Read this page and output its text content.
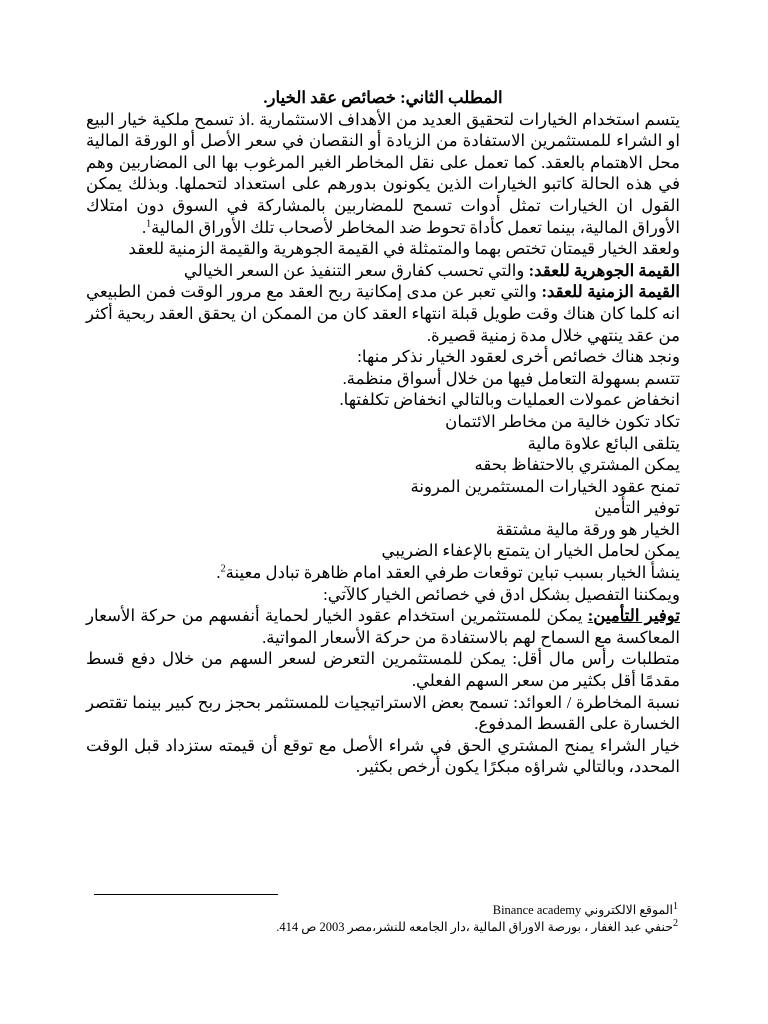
المطلب الثاني: خصائص عقد الخيار.
يتسم استخدام الخيارات لتحقيق العديد من الأهداف الاستثمارية .اذ تسمح ملكية خيار البيع او الشراء للمستثمرين الاستفادة من الزيادة أو النقصان في سعر الأصل أو الورقة المالية محل الاهتمام بالعقد. كما تعمل على نقل المخاطر الغير المرغوب بها الى المضاربين وهم في هذه الحالة كاتبو الخيارات الذين يكونون بدورهم على استعداد لتحملها. وبذلك يمكن القول ان الخيارات تمثل أدوات تسمح للمضاربين بالمشاركة في السوق دون امتلاك الأوراق المالية، بينما تعمل كأداة تحوط ضد المخاطر لأصحاب تلك الأوراق المالية$^1$.
ولعقد الخيار قيمتان تختص بهما والمتمثلة في القيمة الجوهرية والقيمة الزمنية للعقد
القيمة الجوهرية للعقد: والتي تحسب كفارق سعر التنفيذ عن السعر الخيالي
القيمة الزمنية للعقد: والتي تعبر عن مدى إمكانية ربح العقد مع مرور الوقت فمن الطبيعي انه كلما كان هناك وقت طويل قبلة انتهاء العقد كان من الممكن ان يحقق العقد ربحية أكثر من عقد ينتهي خلال مدة زمنية قصيرة.
ونجد هناك خصائص أخرى لعقود الخيار نذكر منها:
تتسم بسهولة التعامل فيها من خلال أسواق منظمة.
انخفاض عمولات العمليات وبالتالي انخفاض تكلفتها.
تكاد تكون خالية من مخاطر الائتمان
يتلقى البائع علاوة مالية
يمكن المشتري بالاحتفاظ بحقه
تمنح عقود الخيارات المستثمرين المرونة
توفير التأمين
الخيار هو ورقة مالية مشتقة
يمكن لحامل الخيار ان يتمتع بالإعفاء الضريبي
ينشأ الخيار بسبب تباين توقعات طرفي العقد امام ظاهرة تبادل معينة$^2$.
ويمكننا التفصيل بشكل ادق في خصائص الخيار كالآتي:
توفير التأمين: يمكن للمستثمرين استخدام عقود الخيار لحماية أنفسهم من حركة الأسعار المعاكسة مع السماح لهم بالاستفادة من حركة الأسعار المواتية.
متطلبات رأس مال أقل: يمكن للمستثمرين التعرض لسعر السهم من خلال دفع قسط مقدمًا أقل بكثير من سعر السهم الفعلي.
نسبة المخاطرة / العوائد: تسمح بعض الاستراتيجيات للمستثمر بحجز ربح كبير بينما تقتصر الخسارة على القسط المدفوع.
خيار الشراء يمنح المشتري الحق في شراء الأصل مع توقع أن قيمته ستزداد قبل الوقت المحدد، وبالتالي شراؤه مبكرًا يكون أرخص بكثير.
$^1$الموقع الالكتروني Binance academy
$^2$حنفي عبد الغفار ، بورصة الاوراق المالية ،دار الجامعه للنشر،مصر 2003 ص 414.
